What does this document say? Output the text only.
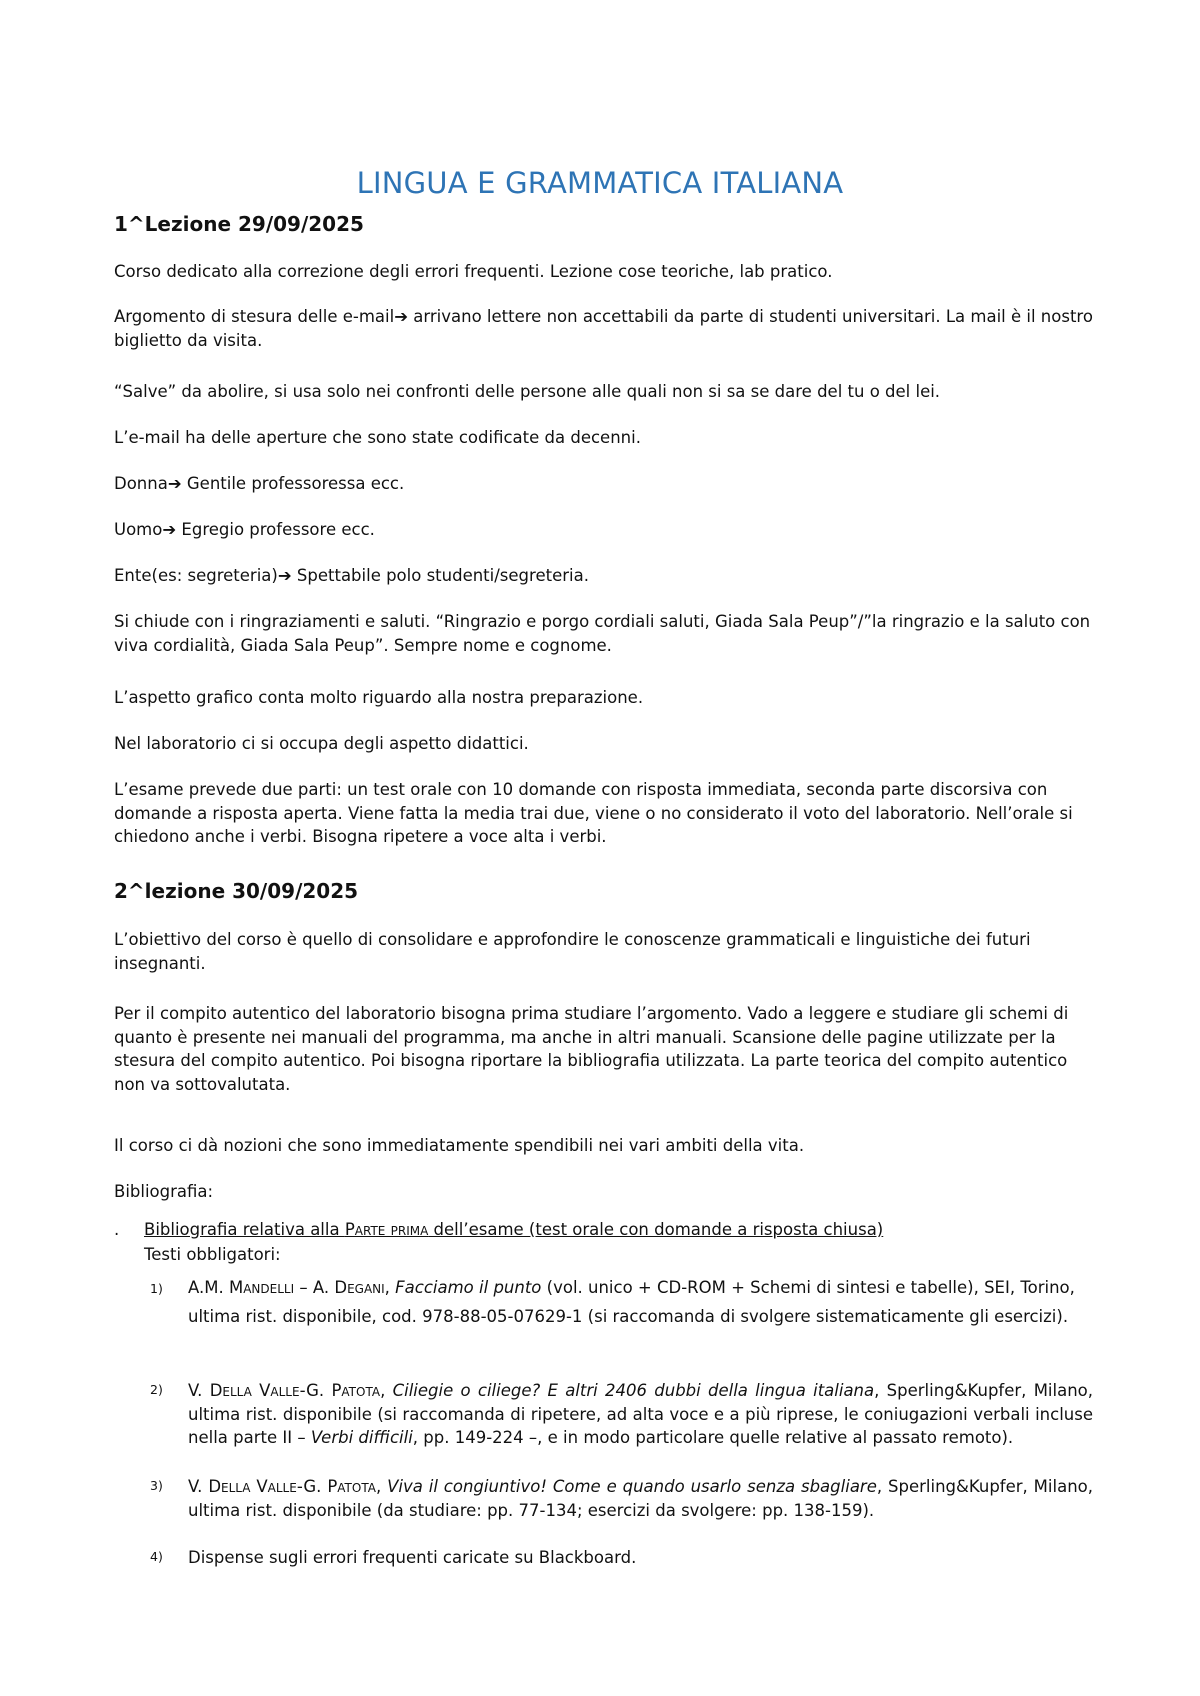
LINGUA E GRAMMATICA ITALIANA
1^Lezione 29/09/2025

Corso dedicato alla correzione degli errori frequenti. Lezione cose teoriche, lab pratico.

Argomento di stesura delle e-mail➔ arrivano lettere non accettabili da parte di studenti universitari. La mail è il nostro biglietto da visita.

“Salve” da abolire, si usa solo nei confronti delle persone alle quali non si sa se dare del tu o del lei.

L’e-mail ha delle aperture che sono state codificate da decenni.

Donna➔ Gentile professoressa ecc.

Uomo➔ Egregio professore ecc.

Ente(es: segreteria)➔ Spettabile polo studenti/segreteria.

Si chiude con i ringraziamenti e saluti. “Ringrazio e porgo cordiali saluti, Giada Sala Peup”/”la ringrazio e la saluto con viva cordialità, Giada Sala Peup”. Sempre nome e cognome.

L’aspetto grafico conta molto riguardo alla nostra preparazione.

Nel laboratorio ci si occupa degli aspetto didattici.

L’esame prevede due parti: un test orale con 10 domande con risposta immediata, seconda parte discorsiva con domande a risposta aperta. Viene fatta la media trai due, viene o no considerato il voto del laboratorio. Nell’orale si chiedono anche i verbi. Bisogna ripetere a voce alta i verbi.

2^lezione 30/09/2025

L’obiettivo del corso è quello di consolidare e approfondire le conoscenze grammaticali e linguistiche dei futuri insegnanti.

Per il compito autentico del laboratorio bisogna prima studiare l’argomento. Vado a leggere e studiare gli schemi di quanto è presente nei manuali del programma, ma anche in altri manuali. Scansione delle pagine utilizzate per la stesura del compito autentico. Poi bisogna riportare la bibliografia utilizzata. La parte teorica del compito autentico non va sottovalutata.

Il corso ci dà nozioni che sono immediatamente spendibili nei vari ambiti della vita.

Bibliografia:

. Bibliografia relativa alla Parte prima dell’esame (test orale con domande a risposta chiusa)

Testi obbligatori:

1) A.M. Mandelli – A. Degani, Facciamo il punto (vol. unico + CD-ROM + Schemi di sintesi e tabelle), SEI, Torino, ultima rist. disponibile, cod. 978-88-05-07629-1 (si raccomanda di svolgere sistematicamente gli esercizi).
2) V. Della Valle-G. Patota, Ciliegie o ciliege? E altri 2406 dubbi della lingua italiana, Sperling&Kupfer, Milano, ultima rist. disponibile (si raccomanda di ripetere, ad alta voce e a più riprese, le coniugazioni verbali incluse nella parte II – Verbi difficili, pp. 149-224 –, e in modo particolare quelle relative al passato remoto).
3) V. Della Valle-G. Patota, Viva il congiuntivo! Come e quando usarlo senza sbagliare, Sperling&Kupfer, Milano, ultima rist. disponibile (da studiare: pp. 77-134; esercizi da svolgere: pp. 138-159).
4) Dispense sugli errori frequenti caricate su Blackboard.
